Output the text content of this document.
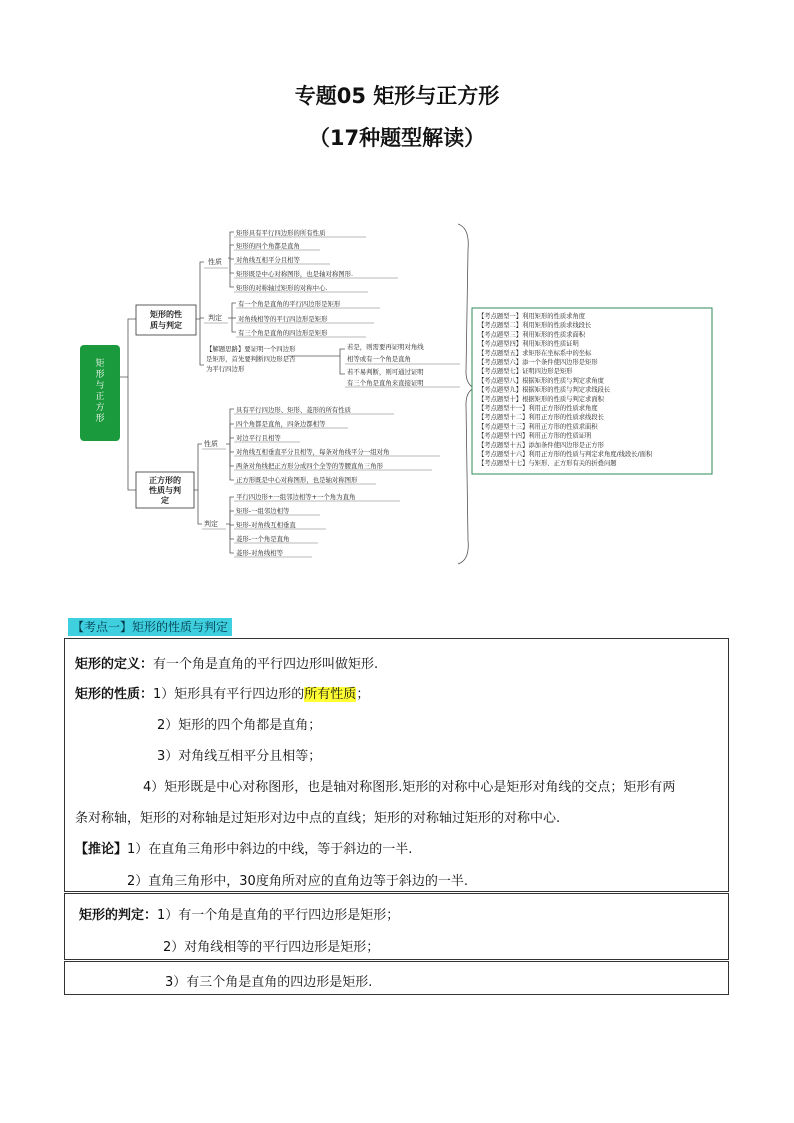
专题05 矩形与正方形
（17种题型解读）
矩形与正方形
矩形的性质与判定
正方形的性质与判定
性质
判定
矩形具有平行四边形的所有性质
矩形的四个角都是直角
对角线互相平分且相等
矩形既是中心对称图形，也是轴对称图形.
矩形的对称轴过矩形的对称中心.
有一个角是直角的平行四边形是矩形
对角线相等的平行四边形是矩形
有三个角是直角的四边形是矩形
【解题思路】要证明一个四边形
是矩形，首先要判断四边形是否
为平行四边形
若是，则需要再证明对角线
相等或有一个角是直角
若不易判断，则可通过证明
有三个角是直角来直接证明
性质
判定
具有平行四边形、矩形、菱形的所有性质
四个角都是直角，四条边都相等
对边平行且相等
对角线互相垂直平分且相等，每条对角线平分一组对角
两条对角线把正方形分成四个全等的等腰直角三角形
正方形既是中心对称图形，也是轴对称图形
平行四边形+一组邻边相等+一个角为直角
矩形-一组邻边相等
矩形-对角线互相垂直
菱形-一个角是直角
菱形-对角线相等
【考点题型一】利用矩形的性质求角度
【考点题型二】利用矩形的性质求线段长
【考点题型三】利用矩形的性质求面积
【考点题型四】利用矩形的性质证明
【考点题型五】求矩形在坐标系中的坐标
【考点题型六】添一个条件使四边形是矩形
【考点题型七】证明四边形是矩形
【考点题型八】根据矩形的性质与判定求角度
【考点题型九】根据矩形的性质与判定求线段长
【考点题型十】根据矩形的性质与判定求面积
【考点题型十一】利用正方形的性质求角度
【考点题型十二】利用正方形的性质求线段长
【考点题型十三】利用正方形的性质求面积
【考点题型十四】利用正方形的性质证明
【考点题型十五】添加条件使四边形是正方形
【考点题型十六】利用正方形的性质与判定求角度/线段长/面积
【考点题型十七】与矩形、正方形有关的折叠问题
【考点一】矩形的性质与判定
矩形的定义：有一个角是直角的平行四边形叫做矩形.
矩形的性质：1）矩形具有平行四边形的所有性质；
2）矩形的四个角都是直角；
3）对角线互相平分且相等；
4）矩形既是中心对称图形，也是轴对称图形.矩形的对称中心是矩形对角线的交点；矩形有两
条对称轴，矩形的对称轴是过矩形对边中点的直线；矩形的对称轴过矩形的对称中心.
【推论】1）在直角三角形中斜边的中线，等于斜边的一半.
2）直角三角形中，30度角所对应的直角边等于斜边的一半.
矩形的判定：1）有一个角是直角的平行四边形是矩形；
2）对角线相等的平行四边形是矩形；
3）有三个角是直角的四边形是矩形.
